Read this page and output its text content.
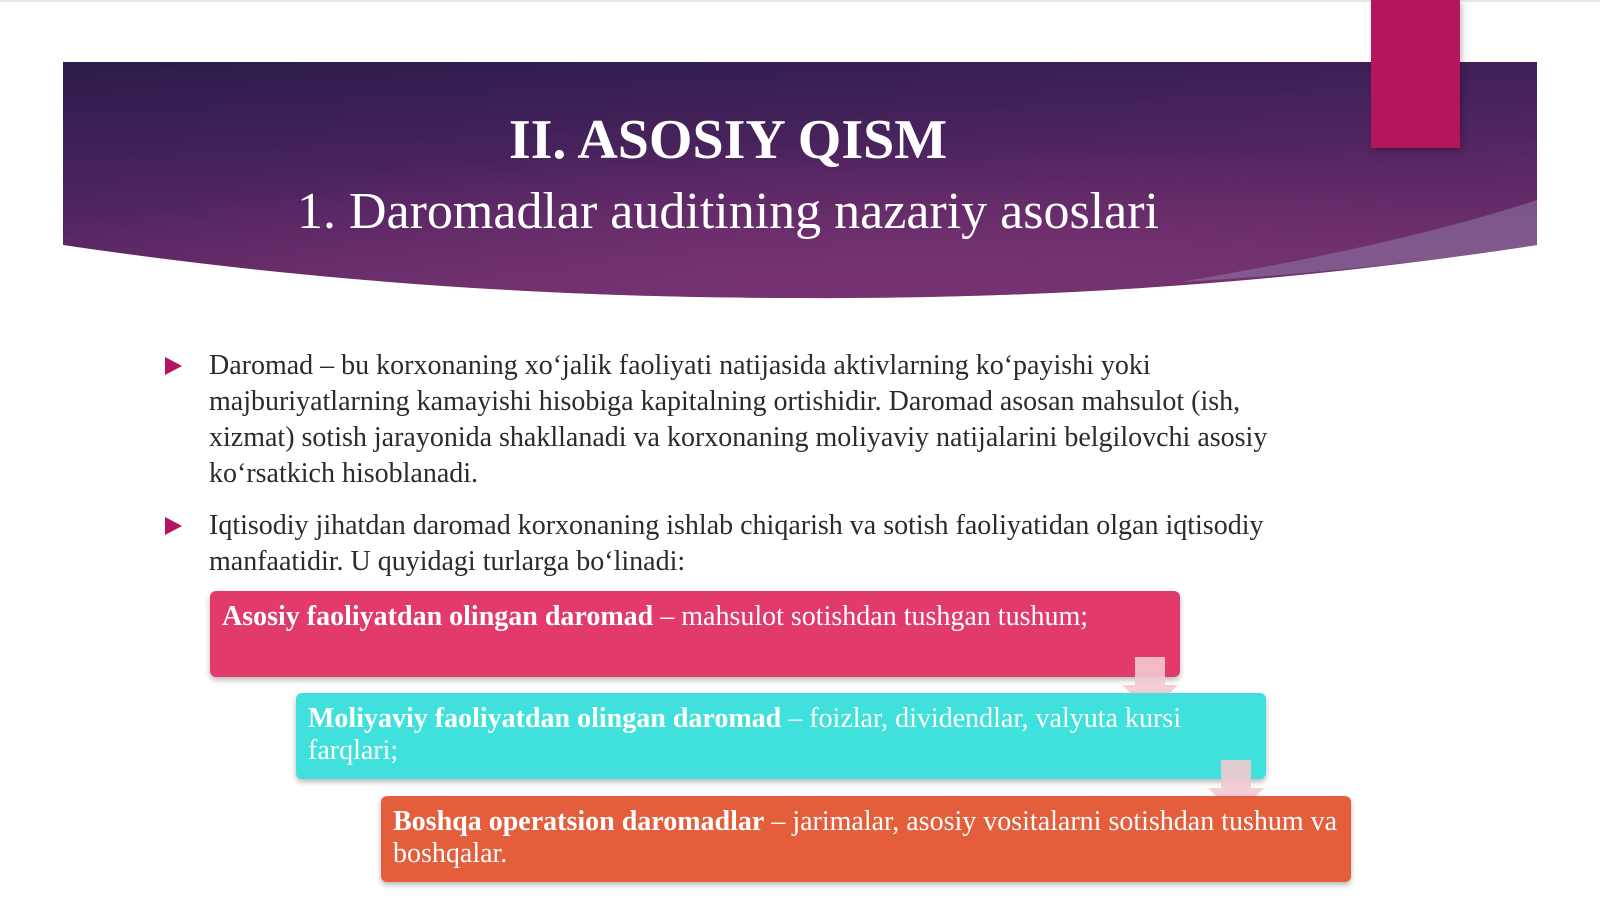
II. ASOSIY QISM
1. Daromadlar auditining nazariy asoslari
Daromad – bu korxonaning xo‘jalik faoliyati natijasida aktivlarning ko‘payishi yoki majburiyatlarning kamayishi hisobiga kapitalning ortishidir. Daromad asosan mahsulot (ish, xizmat) sotish jarayonida shakllanadi va korxonaning moliyaviy natijalarini belgilovchi asosiy ko‘rsatkich hisoblanadi.
Iqtisodiy jihatdan daromad korxonaning ishlab chiqarish va sotish faoliyatidan olgan iqtisodiy manfaatidir. U quyidagi turlarga bo‘linadi:
Asosiy faoliyatdan olingan daromad – mahsulot sotishdan tushgan tushum;
Moliyaviy faoliyatdan olingan daromad – foizlar, dividendlar, valyuta kursi farqlari;
Boshqa operatsion daromadlar – jarimalar, asosiy vositalarni sotishdan tushum va boshqalar.
